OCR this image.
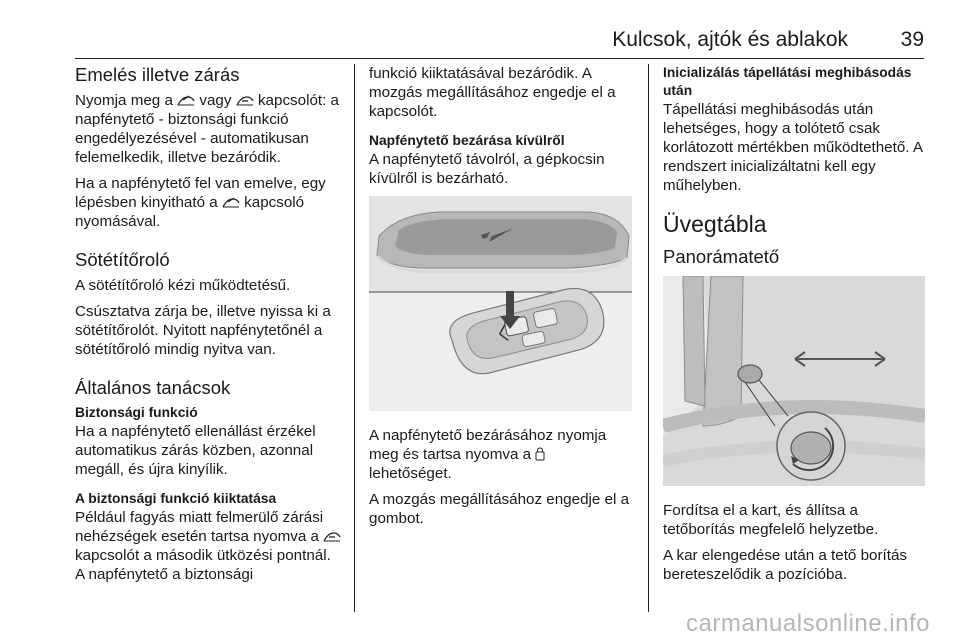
Kulcsok, ajtók és ablakok	39
Emelés illetve zárás

Nyomja meg a vagy kapcsolót: a napfénytető - biztonsági funkció engedélyezésével - automatikusan felemelkedik, illetve bezáródik.

Ha a napfénytető fel van emelve, egy lépésben kinyitható a kapcsoló nyomásával.

Sötétítőroló

A sötétítőroló kézi működtetésű.

Csúsztatva zárja be, illetve nyissa ki a sötétítőrolót. Nyitott napfénytetőnél a sötétítőroló mindig nyitva van.

Általános tanácsok
Biztonsági funkció

Ha a napfénytető ellenállást érzékel automatikus zárás közben, azonnal megáll, és újra kinyílik.

A biztonsági funkció kiiktatása

Például fagyás miatt felmerülő zárási nehézségek esetén tartsa nyomva a
kapcsolót a második ütközési pontnál. A napfénytető a biztonsági

funkció kiiktatásával bezáródik. A mozgás megállításához engedje el a kapcsolót.

Napfénytető bezárása kívülről

A napfénytető távolról, a gépkocsin kívülről is bezárható.

A napfénytető bezárásához nyomja meg és tartsa nyomva a
lehetőséget.

A mozgás megállításához engedje el a gombot.

Inicializálás tápellátási meghibásodás után

Tápellátási meghibásodás után lehetséges, hogy a tolótető csak korlátozott mértékben működtethető. A rendszert inicializáltatni kell egy műhelyben.

Üvegtábla
Panorámatető

Fordítsa el a kart, és állítsa a tetőborítás megfelelő helyzetbe.

A kar elengedése után a tető borítás bereteszelődik a pozícióba.

carmanualsonline.info
